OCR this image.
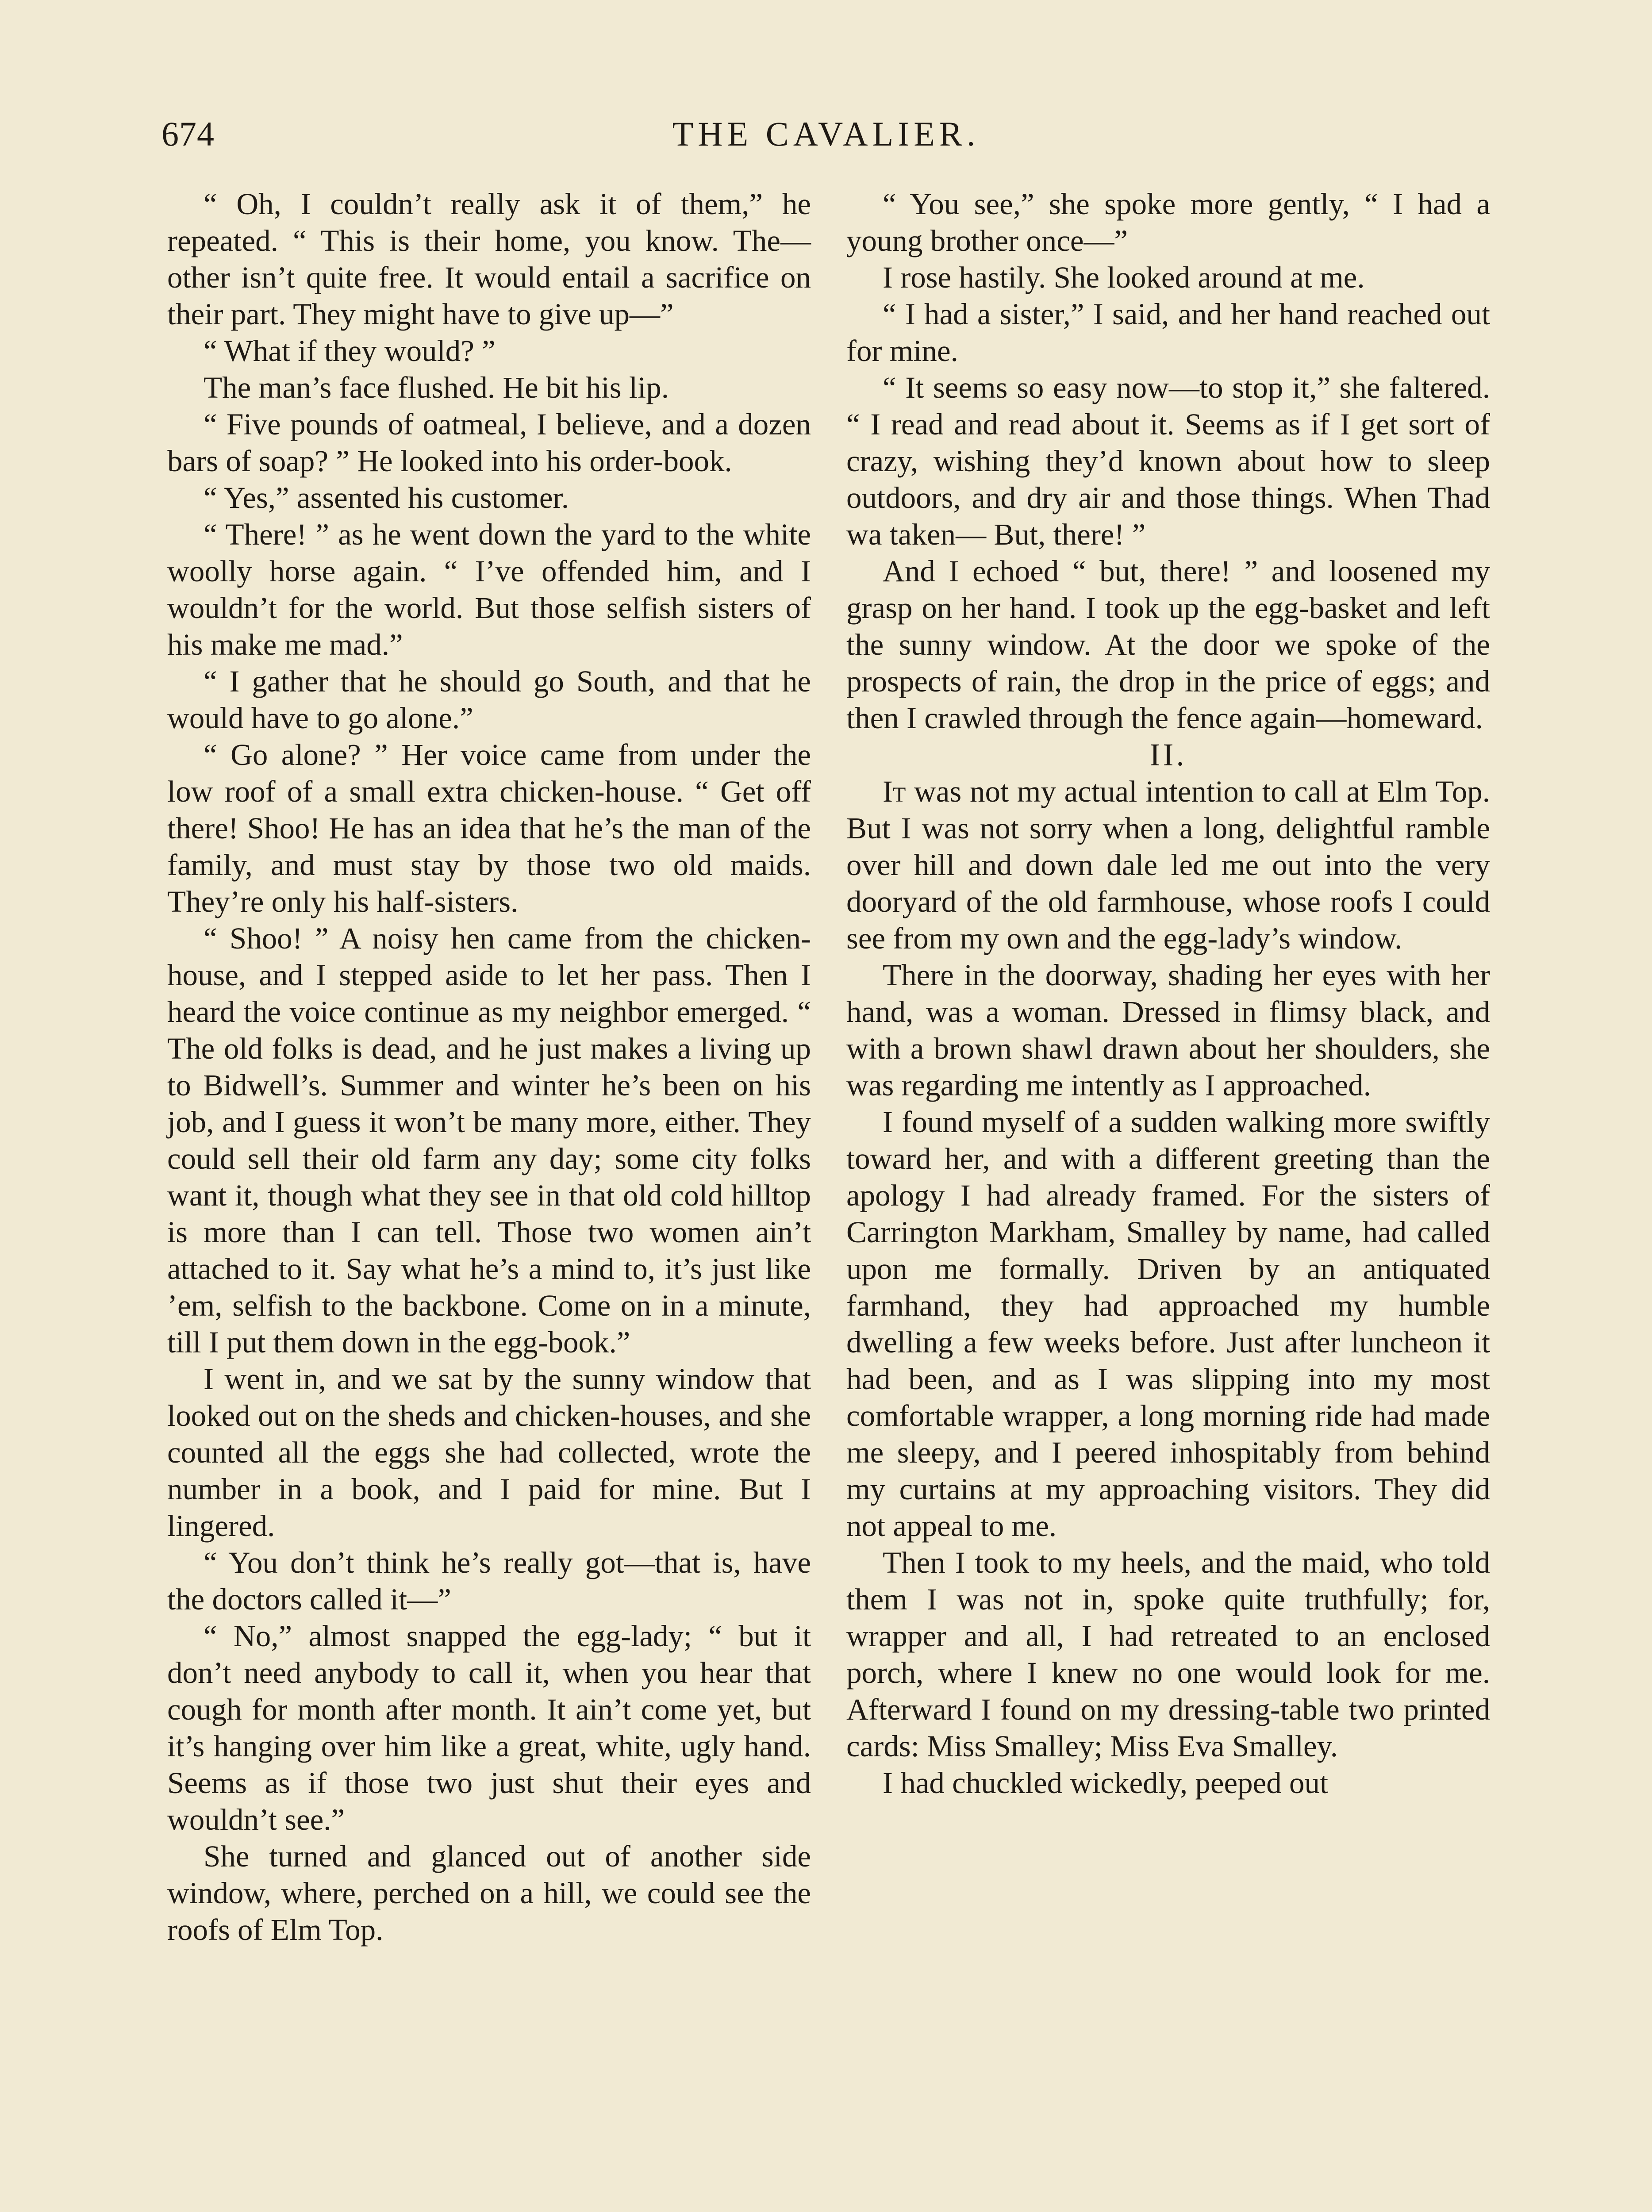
674	THE CAVALIER.

“ Oh, I couldn’t really ask it of them,” he repeated. “ This is their home, you know. The—other isn’t quite free. It would entail a sacrifice on their part. They might have to give up—”

“ What if they would? ”

The man’s face flushed. He bit his lip.

“ Five pounds of oatmeal, I believe, and a dozen bars of soap? ” He looked into his order-book.

“ Yes,” assented his customer.

“ There! ” as he went down the yard to the white woolly horse again. “ I’ve offended him, and I wouldn’t for the world. But those selfish sisters of his make me mad.”

“ I gather that he should go South, and that he would have to go alone.”

“ Go alone? ” Her voice came from under the low roof of a small extra chicken-house. “ Get off there! Shoo! He has an idea that he’s the man of the family, and must stay by those two old maids. They’re only his half-sisters.

“ Shoo! ” A noisy hen came from the chicken-house, and I stepped aside to let her pass. Then I heard the voice continue as my neighbor emerged. “ The old folks is dead, and he just makes a living up to Bidwell’s. Summer and winter he’s been on his job, and I guess it won’t be many more, either. They could sell their old farm any day; some city folks want it, though what they see in that old cold hilltop is more than I can tell. Those two women ain’t attached to it. Say what he’s a mind to, it’s just like ’em, selfish to the backbone. Come on in a minute, till I put them down in the egg-book.”

I went in, and we sat by the sunny window that looked out on the sheds and chicken-houses, and she counted all the eggs she had collected, wrote the number in a book, and I paid for mine. But I lingered.

“ You don’t think he’s really got—that is, have the doctors called it—”

“ No,” almost snapped the egg-lady; “ but it don’t need anybody to call it, when you hear that cough for month after month. It ain’t come yet, but it’s hanging over him like a great, white, ugly hand. Seems as if those two just shut their eyes and wouldn’t see.”

She turned and glanced out of another side window, where, perched on a hill, we could see the roofs of Elm Top.

“ You see,” she spoke more gently, “ I had a young brother once—”

I rose hastily. She looked around at me.

“ I had a sister,” I said, and her hand reached out for mine.

“ It seems so easy now—to stop it,” she faltered. “ I read and read about it. Seems as if I get sort of crazy, wishing they’d known about how to sleep outdoors, and dry air and those things. When Thad wa taken— But, there! ”

And I echoed “ but, there! ” and loosened my grasp on her hand. I took up the egg-basket and left the sunny window. At the door we spoke of the prospects of rain, the drop in the price of eggs; and then I crawled through the fence again—homeward.

II.

It was not my actual intention to call at Elm Top. But I was not sorry when a long, delightful ramble over hill and down dale led me out into the very dooryard of the old farmhouse, whose roofs I could see from my own and the egg-lady’s window.

There in the doorway, shading her eyes with her hand, was a woman. Dressed in flimsy black, and with a brown shawl drawn about her shoulders, she was regarding me intently as I approached.

I found myself of a sudden walking more swiftly toward her, and with a different greeting than the apology I had already framed. For the sisters of Carrington Markham, Smalley by name, had called upon me formally. Driven by an antiquated farmhand, they had approached my humble dwelling a few weeks before. Just after luncheon it had been, and as I was slipping into my most comfortable wrapper, a long morning ride had made me sleepy, and I peered inhospitably from behind my curtains at my approaching visitors. They did not appeal to me.

Then I took to my heels, and the maid, who told them I was not in, spoke quite truthfully; for, wrapper and all, I had retreated to an enclosed porch, where I knew no one would look for me. Afterward I found on my dressing-table two printed cards: Miss Smalley; Miss Eva Smalley.

I had chuckled wickedly, peeped out
